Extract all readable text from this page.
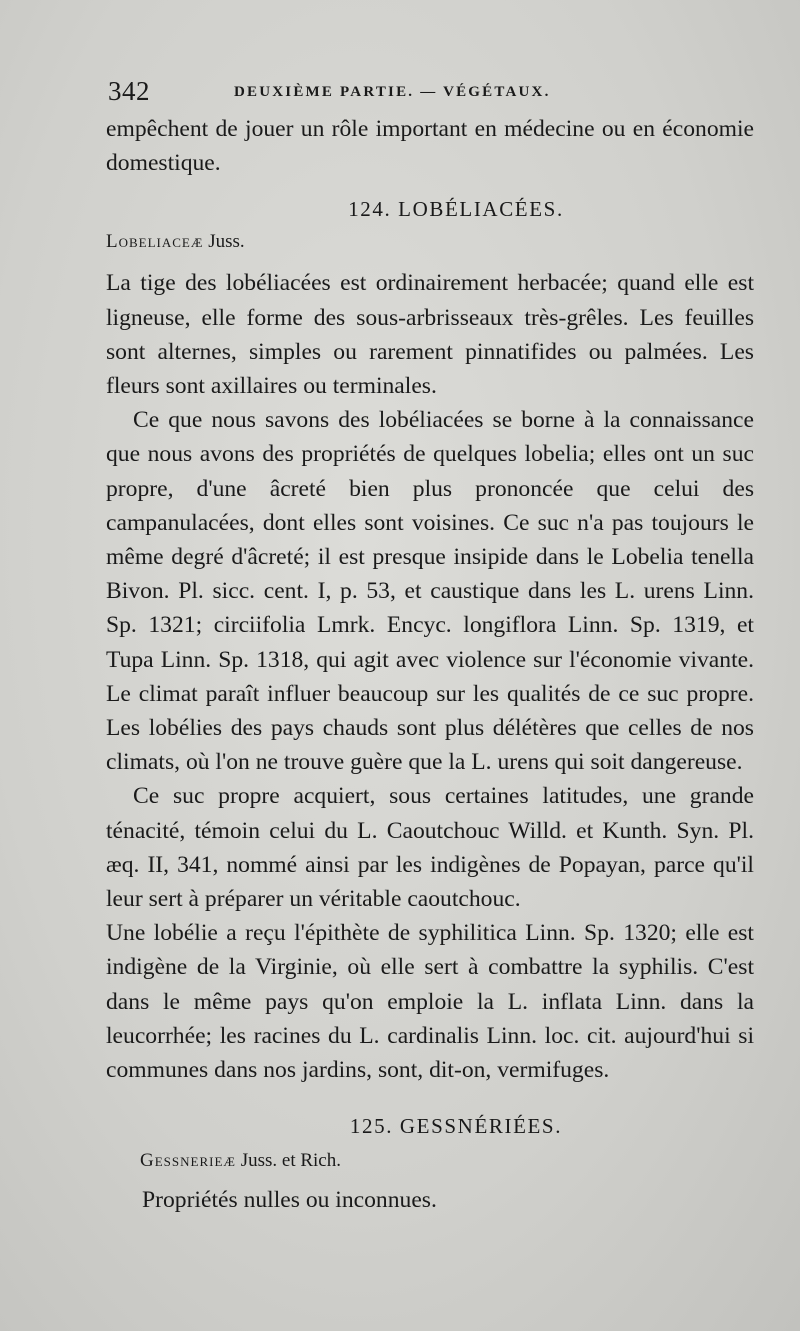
342	DEUXIÈME PARTIE. — VÉGÉTAUX.

empêchent de jouer un rôle important en médecine ou en économie domestique.

124. LOBÉLIACÉES.
Lobeliaceæ Juss.

La tige des lobéliacées est ordinairement herbacée; quand elle est ligneuse, elle forme des sous-arbrisseaux très-grêles. Les feuilles sont alternes, simples ou rarement pinnatifides ou palmées. Les fleurs sont axillaires ou terminales.

Ce que nous savons des lobéliacées se borne à la connaissance que nous avons des propriétés de quelques lobelia; elles ont un suc propre, d'une âcreté bien plus prononcée que celui des campanulacées, dont elles sont voisines. Ce suc n'a pas toujours le même degré d'âcreté; il est presque insipide dans le Lobelia tenella Bivon. Pl. sicc. cent. I, p. 53, et caustique dans les L. urens Linn. Sp. 1321; circiifolia Lmrk. Encyc. longiflora Linn. Sp. 1319, et Tupa Linn. Sp. 1318, qui agit avec violence sur l'économie vivante. Le climat paraît influer beaucoup sur les qualités de ce suc propre. Les lobélies des pays chauds sont plus délétères que celles de nos climats, où l'on ne trouve guère que la L. urens qui soit dangereuse.

Ce suc propre acquiert, sous certaines latitudes, une grande ténacité, témoin celui du L. Caoutchouc Willd. et Kunth. Syn. Pl. æq. II, 341, nommé ainsi par les indigènes de Popayan, parce qu'il leur sert à préparer un véritable caoutchouc.

Une lobélie a reçu l'épithète de syphilitica Linn. Sp. 1320; elle est indigène de la Virginie, où elle sert à combattre la syphilis. C'est dans le même pays qu'on emploie la L. inflata Linn. dans la leucorrhée; les racines du L. cardinalis Linn. loc. cit. aujourd'hui si communes dans nos jardins, sont, dit-on, vermifuges.

125. GESSNÉRIÉES.
Gessnerieæ Juss. et Rich.

Propriétés nulles ou inconnues.
